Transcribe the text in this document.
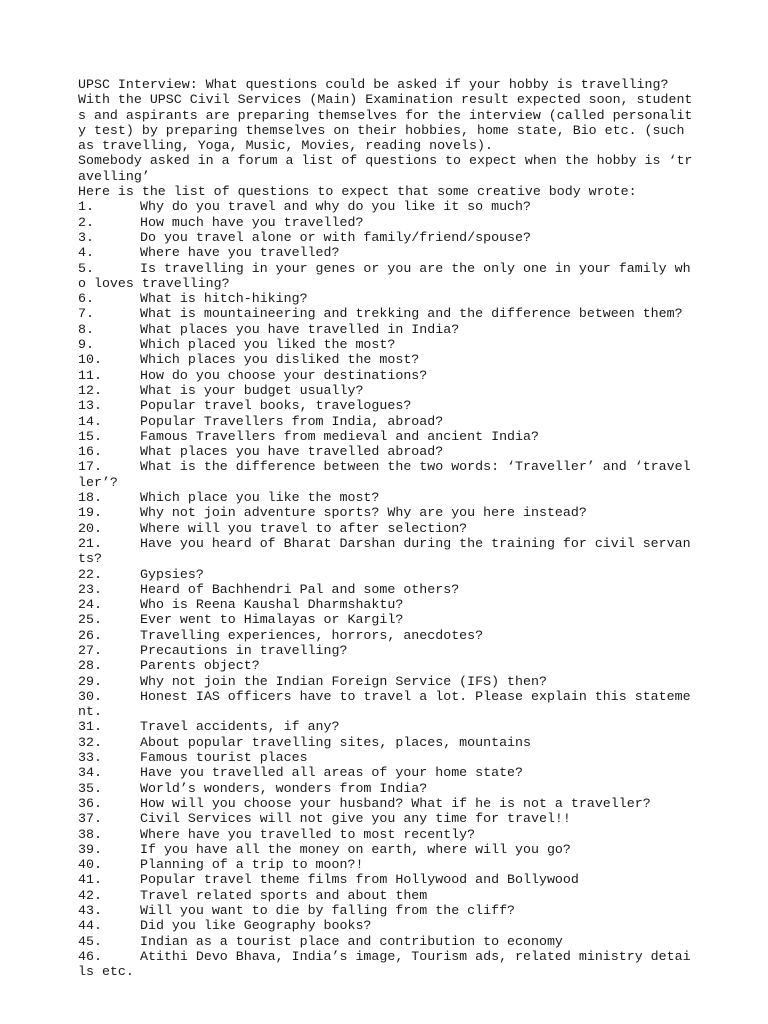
UPSC Interview: What questions could be asked if your hobby is travelling?

With the UPSC Civil Services (Main) Examination result expected soon, students and aspirants are preparing themselves for the interview (called personality test) by preparing themselves on their hobbies, home state, Bio etc. (such as travelling, Yoga, Music, Movies, reading novels).

Somebody asked in a forum a list of questions to expect when the hobby is ‘travelling’

Here is the list of questions to expect that some creative body wrote:

1.	Why do you travel and why do you like it so much?

2.	How much have you travelled?

3.	Do you travel alone or with family/friend/spouse?

4.	Where have you travelled?

5.	Is travelling in your genes or you are the only one in your family who loves travelling?

6.	What is hitch-hiking?

7.	What is mountaineering and trekking and the difference between them?

8.	What places you have travelled in India?

9.	Which placed you liked the most?

10.	Which places you disliked the most?

11.	How do you choose your destinations?

12.	What is your budget usually?

13.	Popular travel books, travelogues?

14.	Popular Travellers from India, abroad?

15.	Famous Travellers from medieval and ancient India?

16.	What places you have travelled abroad?

17.	What is the difference between the two words: ‘Traveller’ and ‘traveller’?

18.	Which place you like the most?

19.	Why not join adventure sports? Why are you here instead?

20.	Where will you travel to after selection?

21.	Have you heard of Bharat Darshan during the training for civil servants?

22.	Gypsies?

23.	Heard of Bachhendri Pal and some others?

24.	Who is Reena Kaushal Dharmshaktu?

25.	Ever went to Himalayas or Kargil?

26.	Travelling experiences, horrors, anecdotes?

27.	Precautions in travelling?

28.	Parents object?

29.	Why not join the Indian Foreign Service (IFS) then?

30.	Honest IAS officers have to travel a lot. Please explain this statement.

31.	Travel accidents, if any?

32.	About popular travelling sites, places, mountains

33.	Famous tourist places

34.	Have you travelled all areas of your home state?

35.	World’s wonders, wonders from India?

36.	How will you choose your husband? What if he is not a traveller?

37.	Civil Services will not give you any time for travel!!

38.	Where have you travelled to most recently?

39.	If you have all the money on earth, where will you go?

40.	Planning of a trip to moon?!

41.	Popular travel theme films from Hollywood and Bollywood

42.	Travel related sports and about them

43.	Will you want to die by falling from the cliff?

44.	Did you like Geography books?

45.	Indian as a tourist place and contribution to economy

46.	Atithi Devo Bhava, India’s image, Tourism ads, related ministry details etc.
